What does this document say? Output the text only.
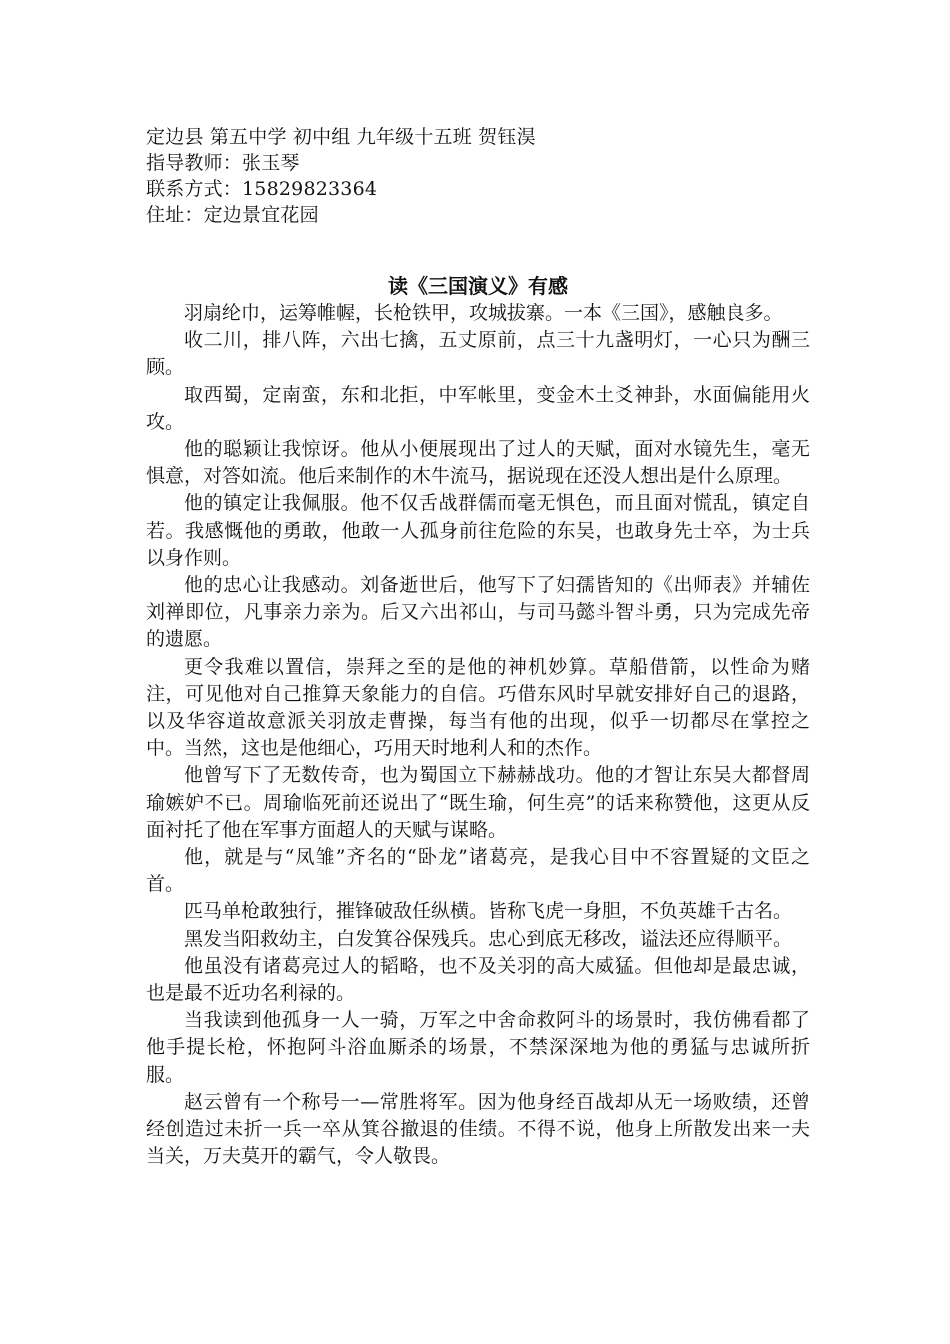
定边县 第五中学 初中组 九年级十五班 贺钰淏
指导教师：张玉琴
联系方式：15829823364
住址：定边景宜花园
读《三国演义》有感

羽扇纶巾，运筹帷幄，长枪铁甲，攻城拔寨。一本《三国》，感触良多。

收二川，排八阵，六出七擒，五丈原前，点三十九盏明灯，一心只为酬三顾。

取西蜀，定南蛮，东和北拒，中军帐里，变金木土爻神卦，水面偏能用火攻。

他的聪颖让我惊讶。他从小便展现出了过人的天赋，面对水镜先生，毫无惧意，对答如流。他后来制作的木牛流马，据说现在还没人想出是什么原理。

他的镇定让我佩服。他不仅舌战群儒而毫无惧色，而且面对慌乱，镇定自若。我感慨他的勇敢，他敢一人孤身前往危险的东吴，也敢身先士卒，为士兵以身作则。

他的忠心让我感动。刘备逝世后，他写下了妇孺皆知的《出师表》并辅佐刘禅即位，凡事亲力亲为。后又六出祁山，与司马懿斗智斗勇，只为完成先帝的遗愿。

更令我难以置信，崇拜之至的是他的神机妙算。草船借箭，以性命为赌注，可见他对自己推算天象能力的自信。巧借东风时早就安排好自己的退路，以及华容道故意派关羽放走曹操，每当有他的出现，似乎一切都尽在掌控之中。当然，这也是他细心，巧用天时地利人和的杰作。

他曾写下了无数传奇，也为蜀国立下赫赫战功。他的才智让东吴大都督周瑜嫉妒不已。周瑜临死前还说出了“既生瑜，何生亮”的话来称赞他，这更从反面衬托了他在军事方面超人的天赋与谋略。

他，就是与“凤雏”齐名的“卧龙”诸葛亮，是我心目中不容置疑的文臣之首。

匹马单枪敢独行，摧锋破敌任纵横。皆称飞虎一身胆，不负英雄千古名。

黑发当阳救幼主，白发箕谷保残兵。忠心到底无移改，谥法还应得顺平。

他虽没有诸葛亮过人的韬略，也不及关羽的高大威猛。但他却是最忠诚，也是最不近功名利禄的。

当我读到他孤身一人一骑，万军之中舍命救阿斗的场景时，我仿佛看都了他手提长枪，怀抱阿斗浴血厮杀的场景，不禁深深地为他的勇猛与忠诚所折服。

赵云曾有一个称号一—常胜将军。因为他身经百战却从无一场败绩，还曾经创造过未折一兵一卒从箕谷撤退的佳绩。不得不说，他身上所散发出来一夫当关，万夫莫开的霸气，令人敬畏。
